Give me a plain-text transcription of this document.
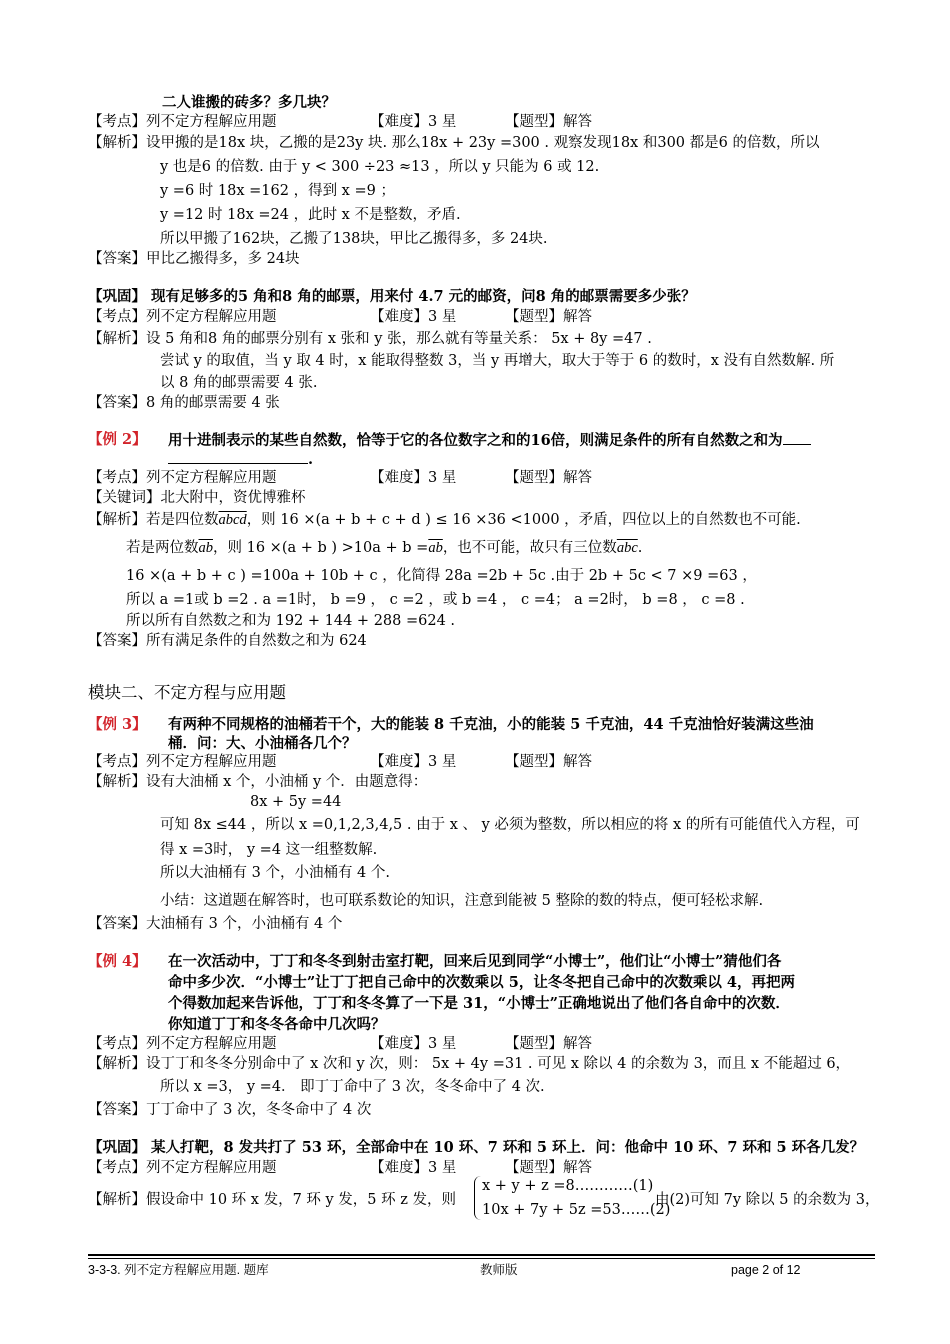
二人谁搬的砖多？多几块？
【考点】列不定方程解应用题	【难度】3 星	【题型】解答
【解析】设甲搬的是18x 块，乙搬的是23y 块. 那么18x + 23y =300 . 观察发现18x 和300 都是6 的倍数，所以
y 也是6 的倍数. 由于 y < 300 ÷23 ≈13 ，所以 y 只能为 6 或 12.
y =6 时 18x =162 ，得到 x =9 ；
y =12 时 18x =24 ，此时 x 不是整数，矛盾.
所以甲搬了162块，乙搬了138块，甲比乙搬得多，多 24块.
【答案】甲比乙搬得多，多 24块
【巩固】 现有足够多的5 角和8 角的邮票，用来付 4.7 元的邮资，问8 角的邮票需要多少张？
【考点】列不定方程解应用题	【难度】3 星	【题型】解答
【解析】设 5 角和8 角的邮票分别有 x 张和 y 张，那么就有等量关系： 5x + 8y =47 .
尝试 y 的取值，当 y 取 4 时，x 能取得整数 3，当 y 再增大，取大于等于 6 的数时，x 没有自然数解. 所
以 8 角的邮票需要 4 张.
【答案】8 角的邮票需要 4 张
【例 2】 用十进制表示的某些自然数，恰等于它的各位数字之和的16倍，则满足条件的所有自然数之和为
.
【考点】列不定方程解应用题	【难度】3 星	【题型】解答
【关键词】北大附中，资优博雅杯
【解析】若是四位数abcd，则 16 ×(a + b + c + d ) ≤ 16 ×36 <1000 ，矛盾，四位以上的自然数也不可能.
若是两位数$\overline{ab}$，则 16 ×(a + b ) $>10a + b =\overline{ab}$，也不可能，故只有三位数$\overline{abc}$.
16 ×(a + b + c ) =100a + 10b + c ，化简得 28a =2b + 5c .由于 2b + 5c < 7 ×9 =63 ，
所以 a =1或 b =2 . a =1时， b =9 ， c =2 ，或 b =4 ， c =4； a =2时， b =8 ， c =8 .
所以所有自然数之和为 192 + 144 + 288 =624 .
【答案】所有满足条件的自然数之和为 624
模块二、不定方程与应用题
【例 3】 有两种不同规格的油桶若干个，大的能装 8 千克油，小的能装 5 千克油，44 千克油恰好装满这些油
桶．问：大、小油桶各几个？
【考点】列不定方程解应用题	【难度】3 星	【题型】解答
【解析】设有大油桶 x 个，小油桶 y 个．由题意得：
8x + 5y =44
可知 8x ≤44 ，所以 x =0,1,2,3,4,5 . 由于 x 、 y 必须为整数，所以相应的将 x 的所有可能值代入方程，可
得 x =3时， y =4 这一组整数解.
所以大油桶有 3 个，小油桶有 4 个.
小结：这道题在解答时，也可联系数论的知识，注意到能被 5 整除的数的特点，便可轻松求解.
【答案】大油桶有 3 个，小油桶有 4 个
【例 4】 在一次活动中，丁丁和冬冬到射击室打靶，回来后见到同学“小博士”，他们让“小博士”猜他们各
命中多少次．“小博士”让丁丁把自己命中的次数乘以 5，让冬冬把自己命中的次数乘以 4，再把两
个得数加起来告诉他，丁丁和冬冬算了一下是 31，“小博士”正确地说出了他们各自命中的次数．
你知道丁丁和冬冬各命中几次吗？
【考点】列不定方程解应用题	【难度】3 星	【题型】解答
【解析】设丁丁和冬冬分别命中了 x 次和 y 次，则： 5x + 4y =31 . 可见 x 除以 4 的余数为 3，而且 x 不能超过 6，
所以 x =3， y =4． 即丁丁命中了 3 次，冬冬命中了 4 次.
【答案】丁丁命中了 3 次，冬冬命中了 4 次
【巩固】 某人打靶，8 发共打了 53 环，全部命中在 10 环、7 环和 5 环上．问：他命中 10 环、7 环和 5 环各几发？
【考点】列不定方程解应用题	【难度】3 星	【题型】解答
【解析】假设命中 10 环 x 发，7 环 y 发，5 环 z 发，则
x + y + z =8…………(1)
10x + 7y + 5z =53……(2)
由(2)可知 7y 除以 5 的余数为 3，
3-3-3. 列不定方程解应用题. 题库	教师版	page 2 of 12
